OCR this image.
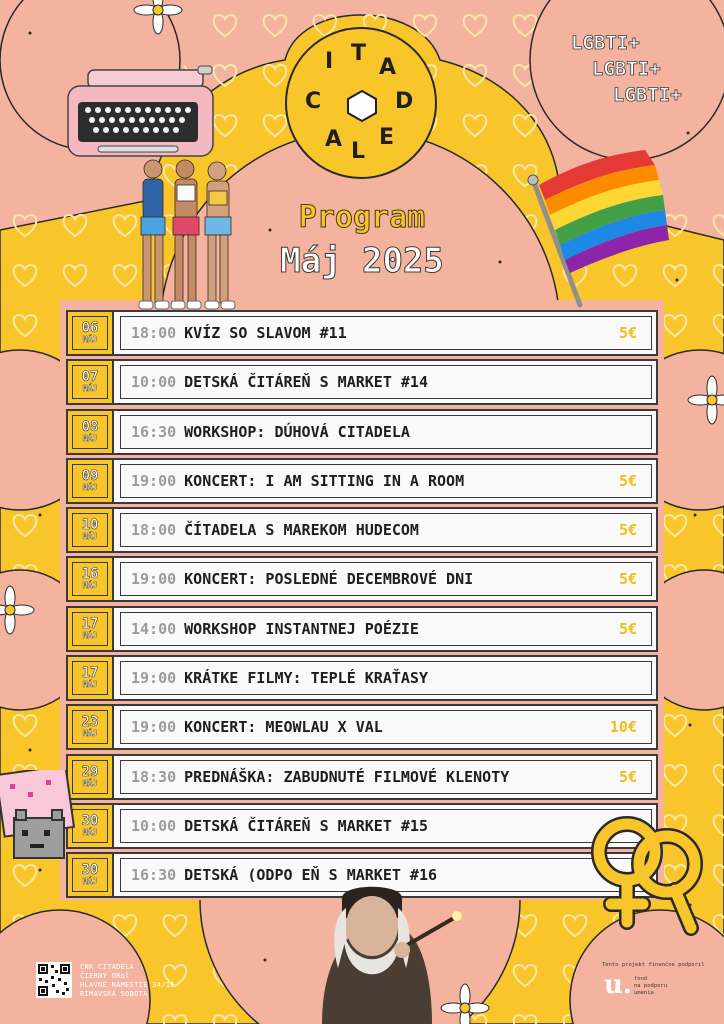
I T
A
C	D
A L
E
LGBTI+
LGBTI+
LGBTI+
Program
Máj 2025
06
MÁJ 18:00 KVÍZ SO SLAVOM #11	5€
07
MÁJ 10:00 DETSKÁ ČITÁREŇ S MARKET #14
08
MÁJ 16:30 WORKSHOP: DÚHOVÁ CITADELA
09
MÁJ 19:00 KONCERT: I AM SITTING IN A ROOM	5€
10
MÁJ 18:00 ČÍTADELA S MAREKOM HUDECOM	5€
16
MÁJ 19:00 KONCERT: POSLEDNÉ DECEMBROVÉ DNI	5€
17
MÁJ 14:00 WORKSHOP INSTANTNEJ POÉZIE	5€
17
MÁJ 19:00 KRÁTKE FILMY: TEPLÉ KRAŤASY
23
MÁJ 19:00 KONCERT: MEOWLAU X VAL	10€
29
MÁJ 18:30 PREDNÁŠKA: ZABUDNUTÉ FILMOVÉ KLENOTY	5€
30
MÁJ 10:00 DETSKÁ ČITÁREŇ S MARKET #15
30
MÁJ 16:30 DETSKÁ (ODPO EŇ S MARKET #16
CNK CITADELA
ČIERNY ORol
HLAVNÉ NÁMESTIE 34/16
RIMAVSKÁ SOBOTA
Tento projekt finančne podporil
u. fond
na podporu
umenia
